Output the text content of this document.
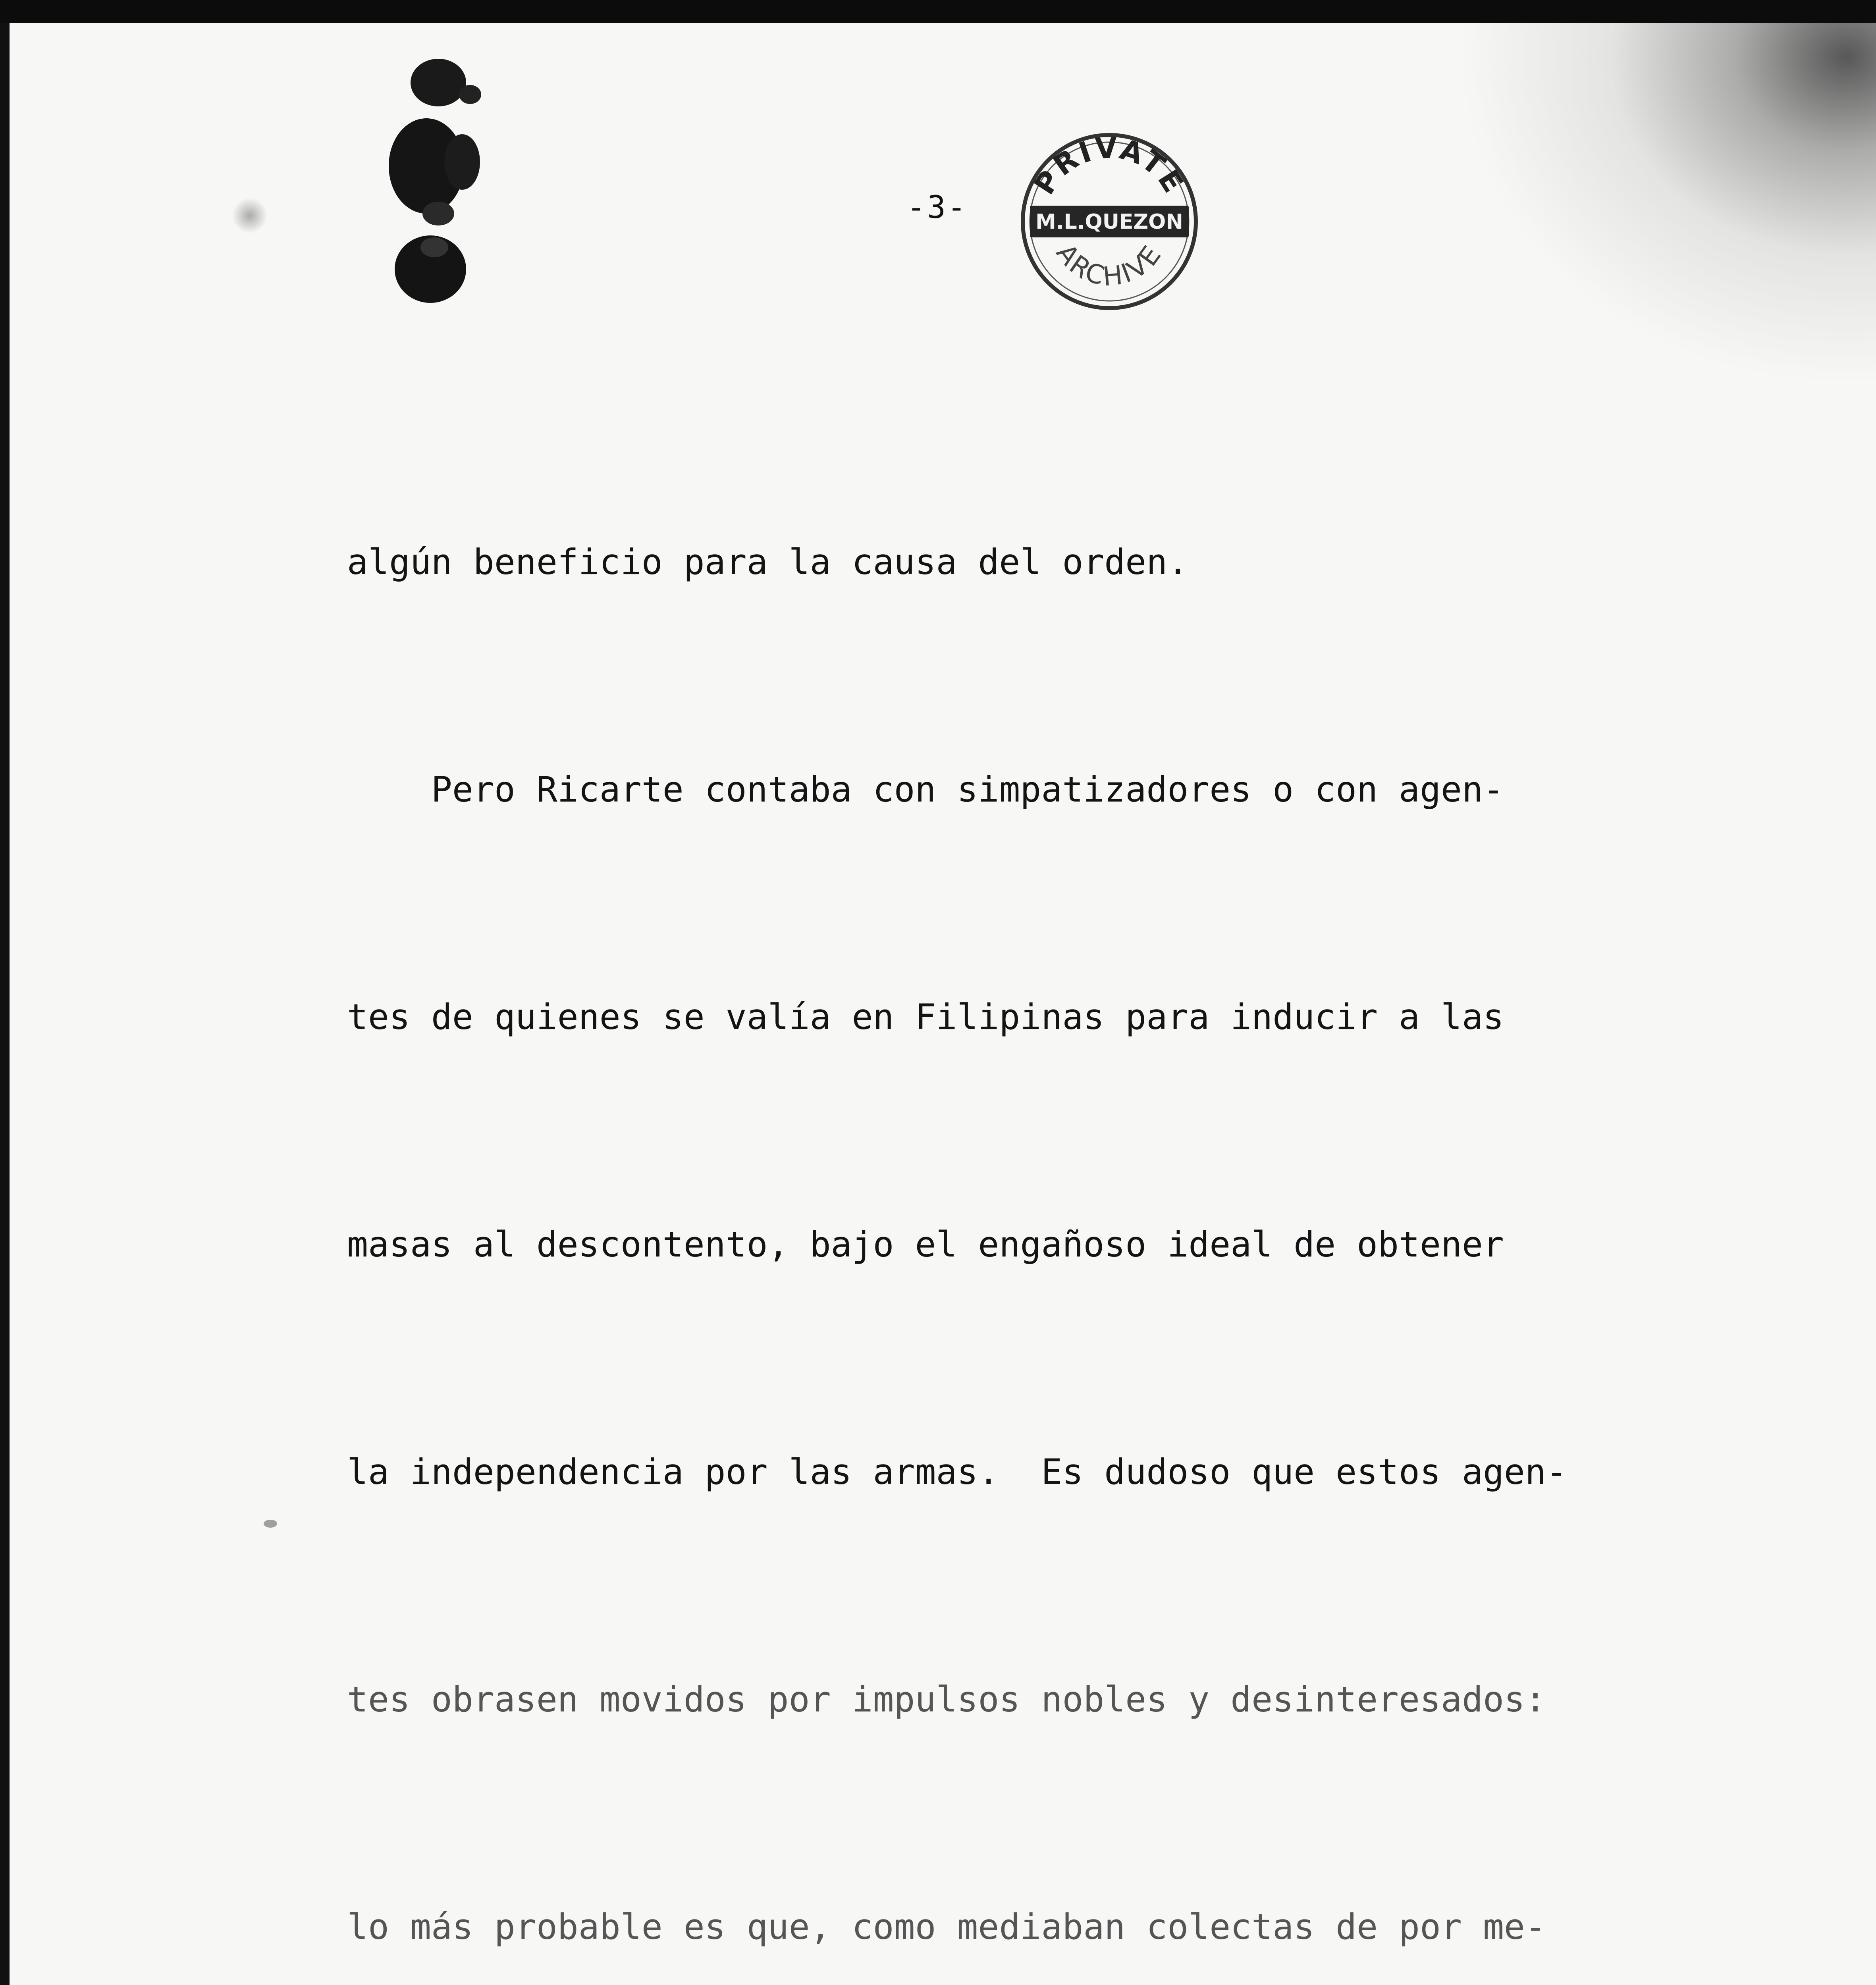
-3-
PRIVATE
M.L.QUEZON
ARCHIVE

algún beneficio para la causa del orden.

Pero Ricarte contaba con simpatizadores o con agen-

tes de quienes se valía en Filipinas para inducir a las

masas al descontento, bajo el engañoso ideal de obtener

la independencia por las armas.  Es dudoso que estos agen-

tes obrasen movidos por impulsos nobles y desinteresados:

lo más probable es que, como mediaban colectas de por me-
